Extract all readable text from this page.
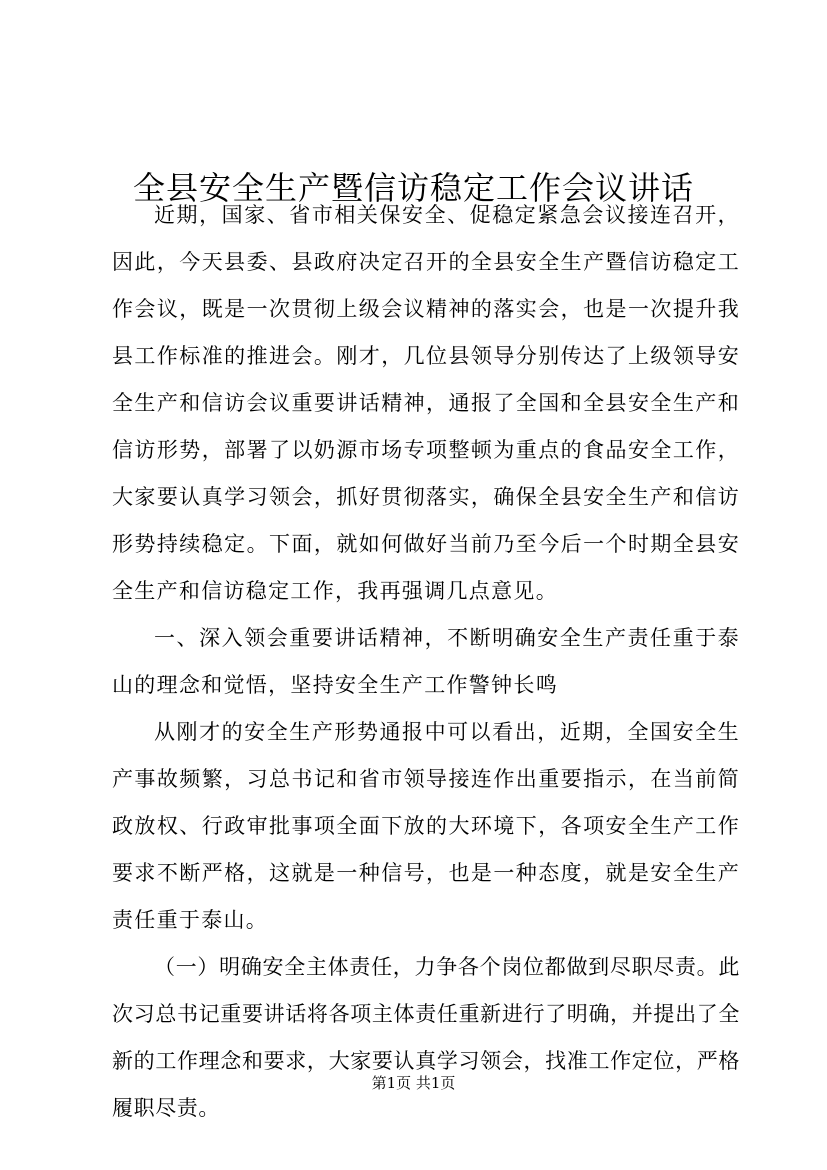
全县安全生产暨信访稳定工作会议讲话

近期，国家、省市相关保安全、促稳定紧急会议接连召开，因此，今天县委、县政府决定召开的全县安全生产暨信访稳定工作会议，既是一次贯彻上级会议精神的落实会，也是一次提升我县工作标准的推进会。刚才，几位县领导分别传达了上级领导安全生产和信访会议重要讲话精神，通报了全国和全县安全生产和信访形势，部署了以奶源市场专项整顿为重点的食品安全工作，大家要认真学习领会，抓好贯彻落实，确保全县安全生产和信访形势持续稳定。下面，就如何做好当前乃至今后一个时期全县安全生产和信访稳定工作，我再强调几点意见。

一、深入领会重要讲话精神，不断明确安全生产责任重于泰山的理念和觉悟，坚持安全生产工作警钟长鸣

从刚才的安全生产形势通报中可以看出，近期，全国安全生产事故频繁，习总书记和省市领导接连作出重要指示，在当前简政放权、行政审批事项全面下放的大环境下，各项安全生产工作要求不断严格，这就是一种信号，也是一种态度，就是安全生产责任重于泰山。

（一）明确安全主体责任，力争各个岗位都做到尽职尽责。此次习总书记重要讲话将各项主体责任重新进行了明确，并提出了全新的工作理念和要求，大家要认真学习领会，找准工作定位，严格履职尽责。

第1页 共1页
